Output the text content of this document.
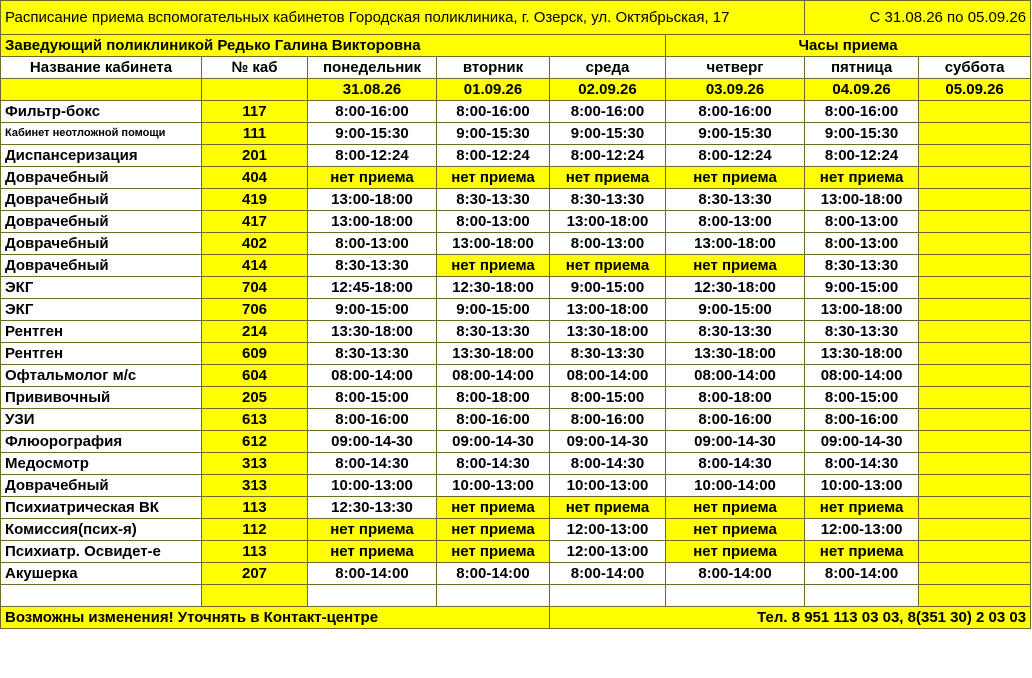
Расписание приема вспомогательных кабинетов Городская поликлиника, г. Озерск, ул. Октябрьская, 17						С 31.08.26 по 05.09.26	
Заведующий поликлиникой Редько Галина Викторовна					Часы приема		
Название кабинета	№ каб	понедельник	вторник	среда	четверг	пятница	суббота
		31.08.26	01.09.26	02.09.26	03.09.26	04.09.26	05.09.26
Фильтр-бокс	117	8:00-16:00	8:00-16:00	8:00-16:00	8:00-16:00	8:00-16:00	
Кабинет неотложной помощи	111	9:00-15:30	9:00-15:30	9:00-15:30	9:00-15:30	9:00-15:30	
Диспансеризация	201	8:00-12:24	8:00-12:24	8:00-12:24	8:00-12:24	8:00-12:24	
Доврачебный	404	нет приема	нет приема	нет приема	нет приема	нет приема	
Доврачебный	419	13:00-18:00	8:30-13:30	8:30-13:30	8:30-13:30	13:00-18:00	
Доврачебный	417	13:00-18:00	8:00-13:00	13:00-18:00	8:00-13:00	8:00-13:00	
Доврачебный	402	8:00-13:00	13:00-18:00	8:00-13:00	13:00-18:00	8:00-13:00	
Доврачебный	414	8:30-13:30	нет приема	нет приема	нет приема	8:30-13:30	
ЭКГ	704	12:45-18:00	12:30-18:00	9:00-15:00	12:30-18:00	9:00-15:00	
ЭКГ	706	9:00-15:00	9:00-15:00	13:00-18:00	9:00-15:00	13:00-18:00	
Рентген	214	13:30-18:00	8:30-13:30	13:30-18:00	8:30-13:30	8:30-13:30	
Рентген	609	8:30-13:30	13:30-18:00	8:30-13:30	13:30-18:00	13:30-18:00	
Офтальмолог м/с	604	08:00-14:00	08:00-14:00	08:00-14:00	08:00-14:00	08:00-14:00	
Прививочный	205	8:00-15:00	8:00-18:00	8:00-15:00	8:00-18:00	8:00-15:00	
УЗИ	613	8:00-16:00	8:00-16:00	8:00-16:00	8:00-16:00	8:00-16:00	
Флюорография	612	09:00-14-30	09:00-14-30	09:00-14-30	09:00-14-30	09:00-14-30	
Медосмотр	313	8:00-14:30	8:00-14:30	8:00-14:30	8:00-14:30	8:00-14:30	
Доврачебный	313	10:00-13:00	10:00-13:00	10:00-13:00	10:00-14:00	10:00-13:00	
Психиатрическая ВК	113	12:30-13:30	нет приема	нет приема	нет приема	нет приема	
Комиссия(псих-я)	112	нет приема	нет приема	12:00-13:00	нет приема	12:00-13:00	
Психиатр. Освидет-е	113	нет приема	нет приема	12:00-13:00	нет приема	нет приема	
Акушерка	207	8:00-14:00	8:00-14:00	8:00-14:00	8:00-14:00	8:00-14:00	

Возможны изменения! Уточнять в Контакт-центре				Тел. 8 951 113 03 03, 8(351 30) 2 03 03			
